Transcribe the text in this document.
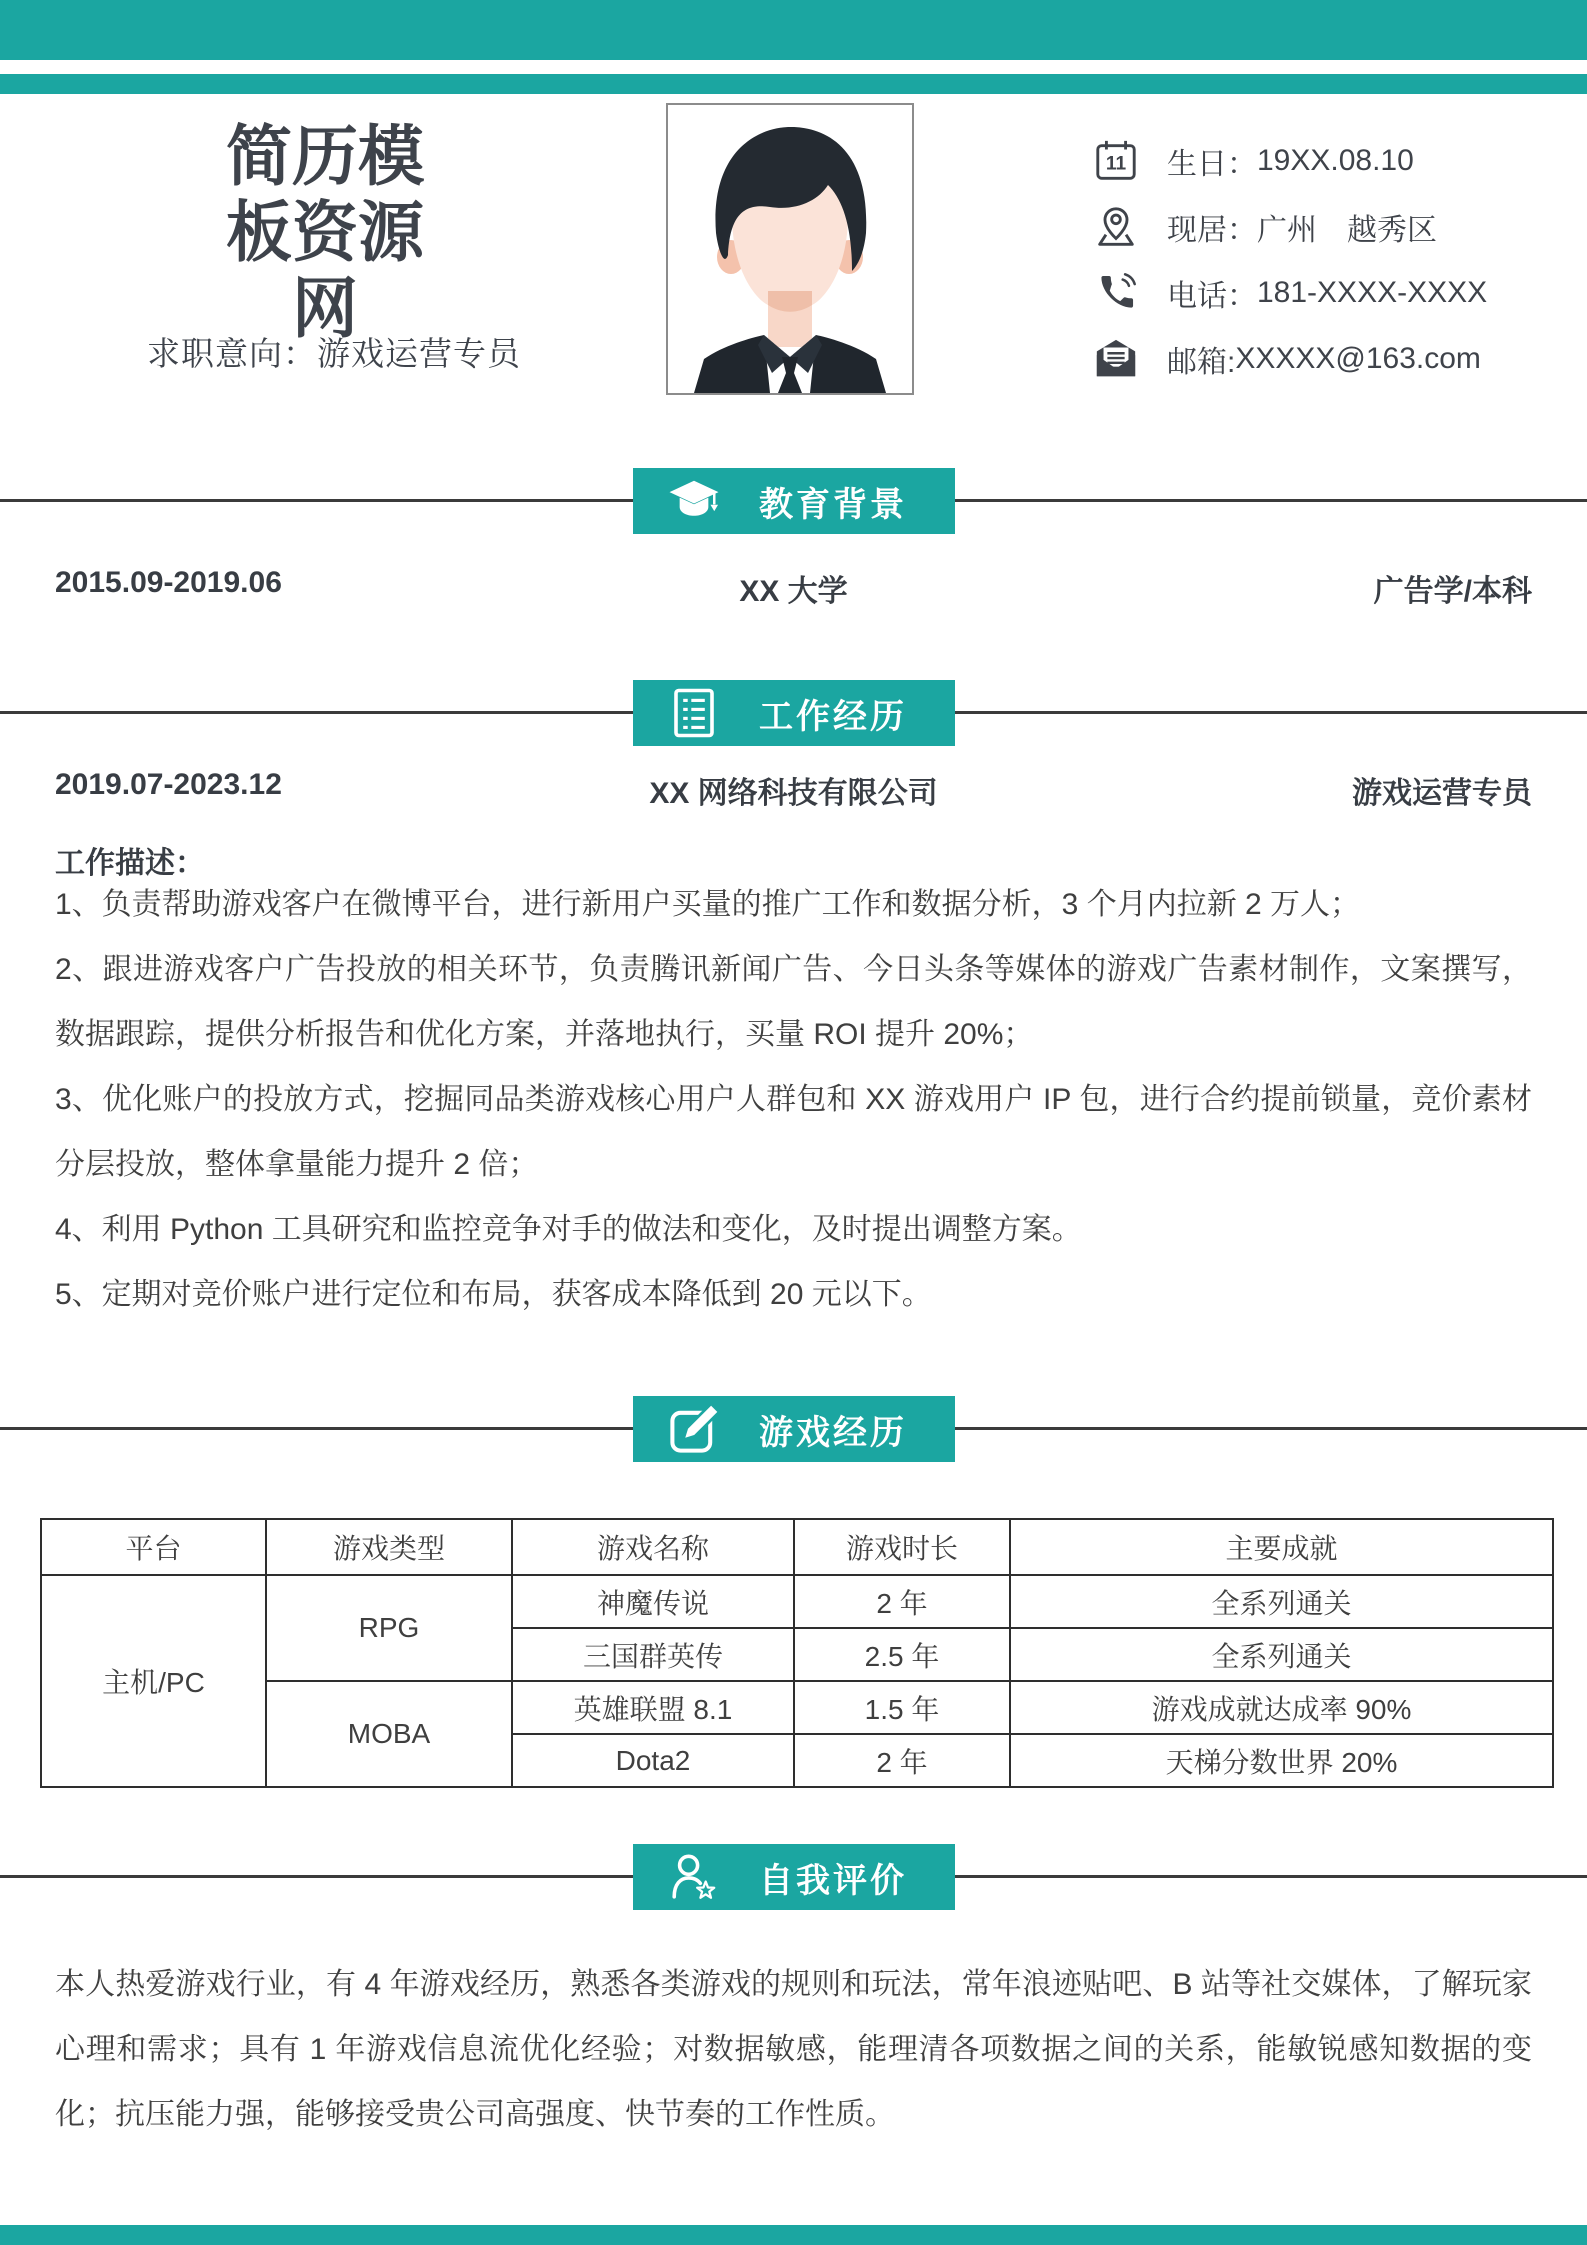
简历模板资源网
求职意向：游戏运营专员
11 生日： 19XX.08.10
现居： 广州　越秀区
电话： 181-XXXX-XXXX
邮箱: XXXXX@163.com
教育背景
2015.09-2019.06	XX 大学	广告学/本科
工作经历
2019.07-2023.12	XX 网络科技有限公司	游戏运营专员
工作描述：

1、负责帮助游戏客户在微博平台，进行新用户买量的推广工作和数据分析，3 个月内拉新 2 万人；

2、跟进游戏客户广告投放的相关环节，负责腾讯新闻广告、今日头条等媒体的游戏广告素材制作，文案撰写，数据跟踪，提供分析报告和优化方案，并落地执行，买量 ROI 提升 20%；

3、优化账户的投放方式，挖掘同品类游戏核心用户人群包和 XX 游戏用户 IP 包，进行合约提前锁量，竞价素材分层投放，整体拿量能力提升 2 倍；

4、利用 Python 工具研究和监控竞争对手的做法和变化，及时提出调整方案。

5、定期对竞价账户进行定位和布局，获客成本降低到 20 元以下。

游戏经历
平台	游戏类型	游戏名称	游戏时长	主要成就
主机/PC	RPG	神魔传说	2 年	全系列通关
		三国群英传	2.5 年	全系列通关
	MOBA	英雄联盟 8.1	1.5 年	游戏成就达成率 90%
		Dota2	2 年	天梯分数世界 20%
自我评价
本人热爱游戏行业，有 4 年游戏经历，熟悉各类游戏的规则和玩法，常年浪迹贴吧、B 站等社交媒体，了解玩家心理和需求；具有 1 年游戏信息流优化经验；对数据敏感，能理清各项数据之间的关系，能敏锐感知数据的变化；抗压能力强，能够接受贵公司高强度、快节奏的工作性质。
